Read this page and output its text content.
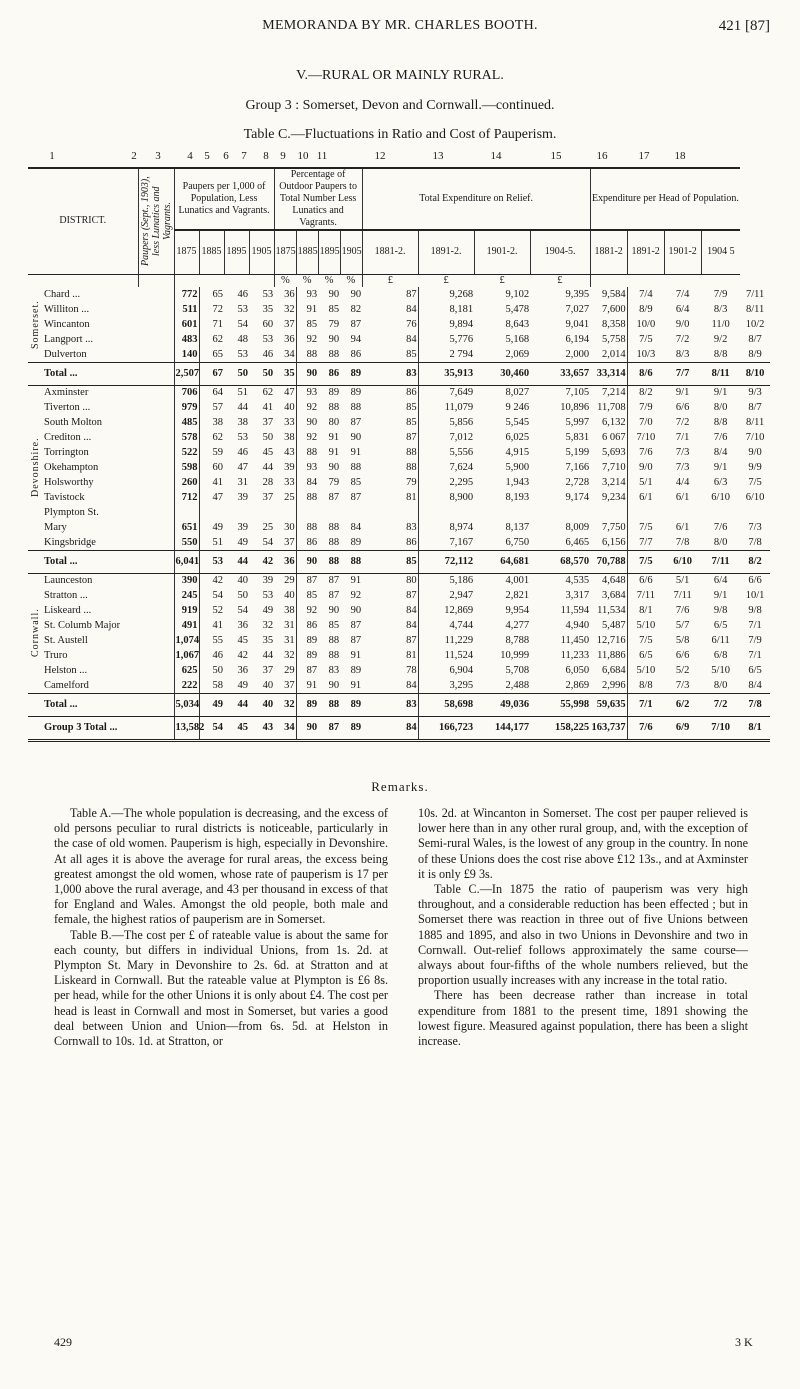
MEMORANDA BY MR. CHARLES BOOTH.	421 [87]
V.—RURAL OR MAINLY RURAL.
Group 3 : Somerset, Devon and Cornwall.—continued.
Table C.—Fluctuations in Ratio and Cost of Pauperism.
1	2 3 4 5 6 7 8 9 10 11	12	13	14	15	16	17 18
DISTRICT.		Paupers (Sept., 1903), less Lunatics and Vagrants.	Paupers per 1,000 of Population, Less Lunatics and Vagrants.				Percentage of Outdoor Paupers to Total Number Less Lunatics and Vagrants.				Total Expenditure on Relief.				Expenditure per Head of Population.				
			1875	1885	1895	1905	1875	1885	1895	1905	1881-2.	1891-2.	1901-2.	1904-5.	1881-2	1891-2	1901-2	1904 5	
							%	%	%	%	£	£	£	£					
	Chard ...		772	65	46	53	36	93	90	90	87	9,268	9,102	9,395	9,584	7/4	7/4	7/9	7/11
	Williton ...		511	72	53	35	32	91	85	82	84	8,181	5,478	7,027	7,600	8/9	6/4	8/3	8/11
	Wincanton		601	71	54	60	37	85	79	87	76	9,894	8,643	9,041	8,358	10/0	9/0	11/0	10/2
	Langport ...		483	62	48	53	36	92	90	94	84	5,776	5,168	6,194	5,758	7/5	7/2	9/2	8/7
	Dulverton		140	65	53	46	34	88	88	86	85	2 794	2,069	2,000	2,014	10/3	8/3	8/8	8/9
	Total ...		2,507	67	50	50	35	90	86	89	83	35,913	30,460	33,657	33,314	8/6	7/7	8/11	8/10
	Axminster		706	64	51	62	47	93	89	89	86	7,649	8,027	7,105	7,214	8/2	9/1	9/1	9/3
	Tiverton ...		979	57	44	41	40	92	88	88	85	11,079	9 246	10,896	11,708	7/9	6/6	8/0	8/7
	South Molton		485	38	38	37	33	90	80	87	85	5,856	5,545	5,997	6,132	7/0	7/2	8/8	8/11
	Crediton ...		578	62	53	50	38	92	91	90	87	7,012	6,025	5,831	6 067	7/10	7/1	7/6	7/10
	Torrington		522	59	46	45	43	88	91	91	88	5,556	4,915	5,199	5,693	7/6	7/3	8/4	9/0
	Okehampton		598	60	47	44	39	93	90	88	88	7,624	5,900	7,166	7,710	9/0	7/3	9/1	9/9
	Holsworthy		260	41	31	28	33	84	79	85	79	2,295	1,943	2,728	3,214	5/1	4/4	6/3	7/5
	Tavistock		712	47	39	37	25	88	87	87	81	8,900	8,193	9,174	9,234	6/1	6/1	6/10	6/10
	Plympton St.																		
	Mary		651	49	39	25	30	88	88	84	83	8,974	8,137	8,009	7,750	7/5	6/1	7/6	7/3
	Kingsbridge		550	51	49	54	37	86	88	89	86	7,167	6,750	6,465	6,156	7/7	7/8	8/0	7/8
	Total ...		6,041	53	44	42	36	90	88	88	85	72,112	64,681	68,570	70,788	7/5	6/10	7/11	8/2
	Launceston		390	42	40	39	29	87	87	91	80	5,186	4,001	4,535	4,648	6/6	5/1	6/4	6/6
	Stratton ...		245	54	50	53	40	85	87	92	87	2,947	2,821	3,317	3,684	7/11	7/11	9/1	10/1
	Liskeard ...		919	52	54	49	38	92	90	90	84	12,869	9,954	11,594	11,534	8/1	7/6	9/8	9/8
	St. Columb Major		491	41	36	32	31	86	85	87	84	4,744	4,277	4,940	5,487	5/10	5/7	6/5	7/1
	St. Austell		1,074	55	45	35	31	89	88	87	87	11,229	8,788	11,450	12,716	7/5	5/8	6/11	7/9
	Truro		1,067	46	42	44	32	89	88	91	81	11,524	10,999	11,233	11,886	6/5	6/6	6/8	7/1
	Helston ...		625	50	36	37	29	87	83	89	78	6,904	5,708	6,050	6,684	5/10	5/2	5/10	6/5
	Camelford		222	58	49	40	37	91	90	91	84	3,295	2,488	2,869	2,996	8/8	7/3	8/0	8/4
	Total ...		5,034	49	44	40	32	89	88	89	83	58,698	49,036	55,998	59,635	7/1	6/2	7/2	7/8
	Group 3 Total ...		13,582	54	45	43	34	90	87	89	84	166,723	144,177	158,225	163,737	7/6	6/9	7/10	8/1
Remarks.

Table A.—The whole population is decreasing, and the excess of old persons peculiar to rural districts is noticeable, particularly in the case of old women. Pauperism is high, especially in Devonshire. At all ages it is above the average for rural areas, the excess being greatest amongst the old women, whose rate of pauperism is 17 per 1,000 above the rural average, and 43 per thousand in excess of that for England and Wales. Amongst the old people, both male and female, the highest ratios of pauperism are in Somerset.

Table B.—The cost per £ of rateable value is about the same for each county, but differs in individual Unions, from 1s. 2d. at Plympton St. Mary in Devonshire to 2s. 6d. at Stratton and at Liskeard in Cornwall. But the rateable value at Plympton is £6 8s. per head, while for the other Unions it is only about £4. The cost per head is least in Cornwall and most in Somerset, but varies a good deal between Union and Union—from 6s. 5d. at Helston in Cornwall to 10s. 1d. at Stratton, or

10s. 2d. at Wincanton in Somerset. The cost per pauper relieved is lower here than in any other rural group, and, with the exception of Semi-rural Wales, is the lowest of any group in the country. In none of these Unions does the cost rise above £12 13s., and at Axminster it is only £9 3s.

Table C.—In 1875 the ratio of pauperism was very high throughout, and a considerable reduction has been effected ; but in Somerset there was reaction in three out of five Unions between 1885 and 1895, and also in two Unions in Devonshire and two in Cornwall. Out-relief follows approximately the same course—always about four-fifths of the whole numbers relieved, but the proportion usually increases with any increase in the total ratio.

There has been decrease rather than increase in total expenditure from 1881 to the present time, 1891 showing the lowest figure. Measured against population, there has been a slight increase.

429	3 K
Somerset.
Devonshire.
Cornwall.
